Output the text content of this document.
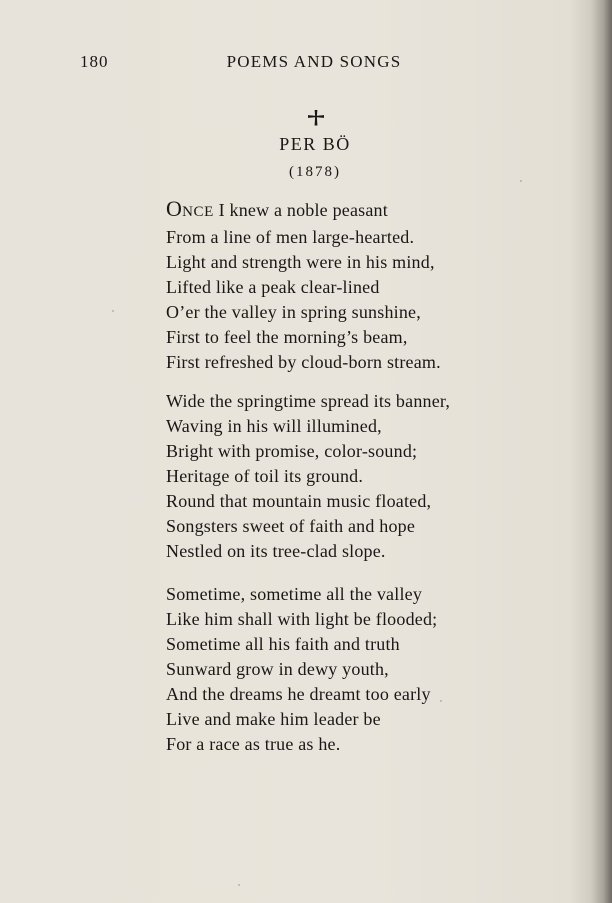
180	POEMS AND SONGS
PER BÖ
(1878)
ONCE I knew a noble peasant
From a line of men large-hearted.
Light and strength were in his mind,
Lifted like a peak clear-lined
O’er the valley in spring sunshine,
First to feel the morning’s beam,
First refreshed by cloud-born stream.
Wide the springtime spread its banner,
Waving in his will illumined,
Bright with promise, color-sound;
Heritage of toil its ground.
Round that mountain music floated,
Songsters sweet of faith and hope
Nestled on its tree-clad slope.
Sometime, sometime all the valley
Like him shall with light be flooded;
Sometime all his faith and truth
Sunward grow in dewy youth,
And the dreams he dreamt too early
Live and make him leader be
For a race as true as he.
